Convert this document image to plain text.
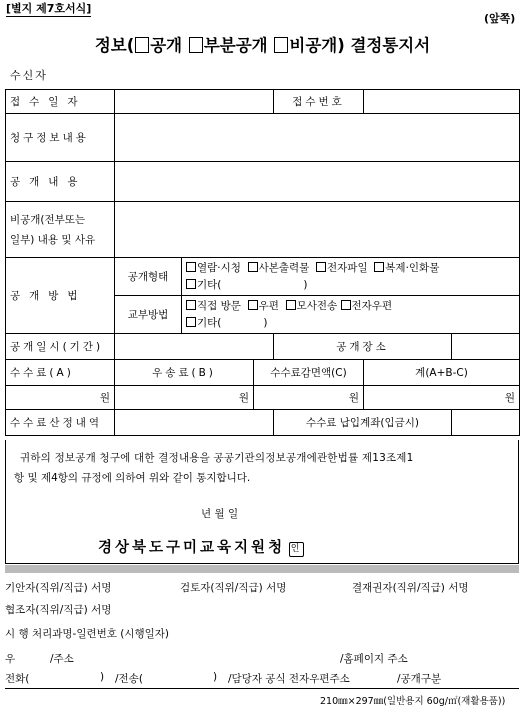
[별지 제7호서식]
(앞쪽)
정보( 공개 부분공개 비공개) 결정통지서
수신자
접수일자				접수번호		
청구정보내용						
공개내용						

비공개(전부또는
일부) 내용 및 사유						

공개방법	공개형태	열람·시청 사본출력물 전자파일 복제·인화물
기타( )				

	교부방법	직접 방문 우편 모사전송 전자우편
기타( )				

공개일시(기간)				공개장소		
수수료(A)	우송료(B)		수수료감면액(C)		계(A+B-C)	
원	원		원		원	
수수료산정내역				수수료 납입계좌(입금시)		
귀하의 정보공개 청구에 대한 결정내용을 공공기관의정보공개에관한법률 제13조제1
항 및 제4항의 규정에 의하여 위와 같이 통지합니다.
년 월 일
경상북도구미교육지원청 인
기안자(직위/직급) 서명	검토자(직위/직급) 서명	결재권자(직위/직급) 서명
협조자(직위/직급) 서명
시 행 처리과명-일련번호 (시행일자)
우	/주소	/홈페이지 주소
전화(	) /전송(	) /담당자 공식 전자우편주소	/공개구분
210㎜×297㎜(일반용지 60g/㎡(재활용품))
